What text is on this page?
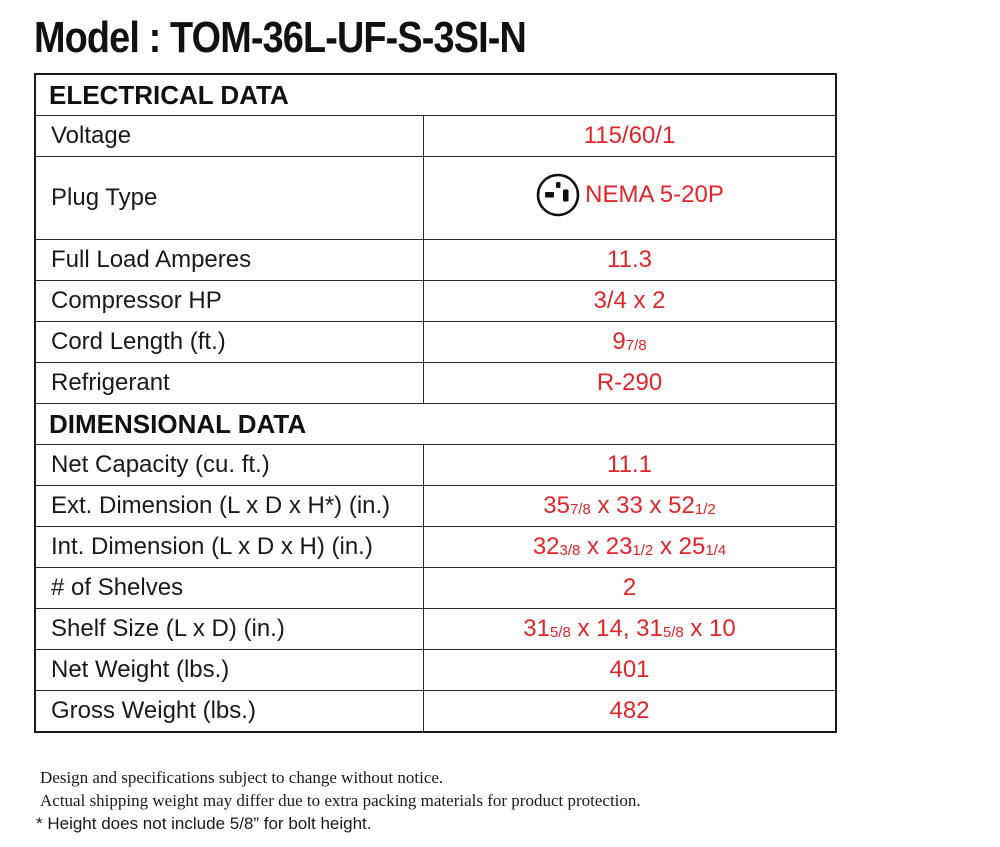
Model : TOM-36L-UF-S-3SI-N
ELECTRICAL DATA	
Voltage	115/60/1
Plug Type	NEMA 5-20P

Full Load Amperes	11.3
Compressor HP	3/4 x 2
Cord Length (ft.)	97/8
Refrigerant	R-290
DIMENSIONAL DATA	
Net Capacity (cu. ft.)	11.1
Ext. Dimension (L x D x H*) (in.)	357/8 x 33 x 521/2
Int. Dimension (L x D x H) (in.)	323/8 x 231/2 x 251/4
# of Shelves	2
Shelf Size (L x D) (in.)	315/8 x 14, 315/8 x 10
Net Weight (lbs.)	401
Gross Weight (lbs.)	482
Design and specifications subject to change without notice.
Actual shipping weight may differ due to extra packing materials for product protection.
* Height does not include 5/8” for bolt height.
